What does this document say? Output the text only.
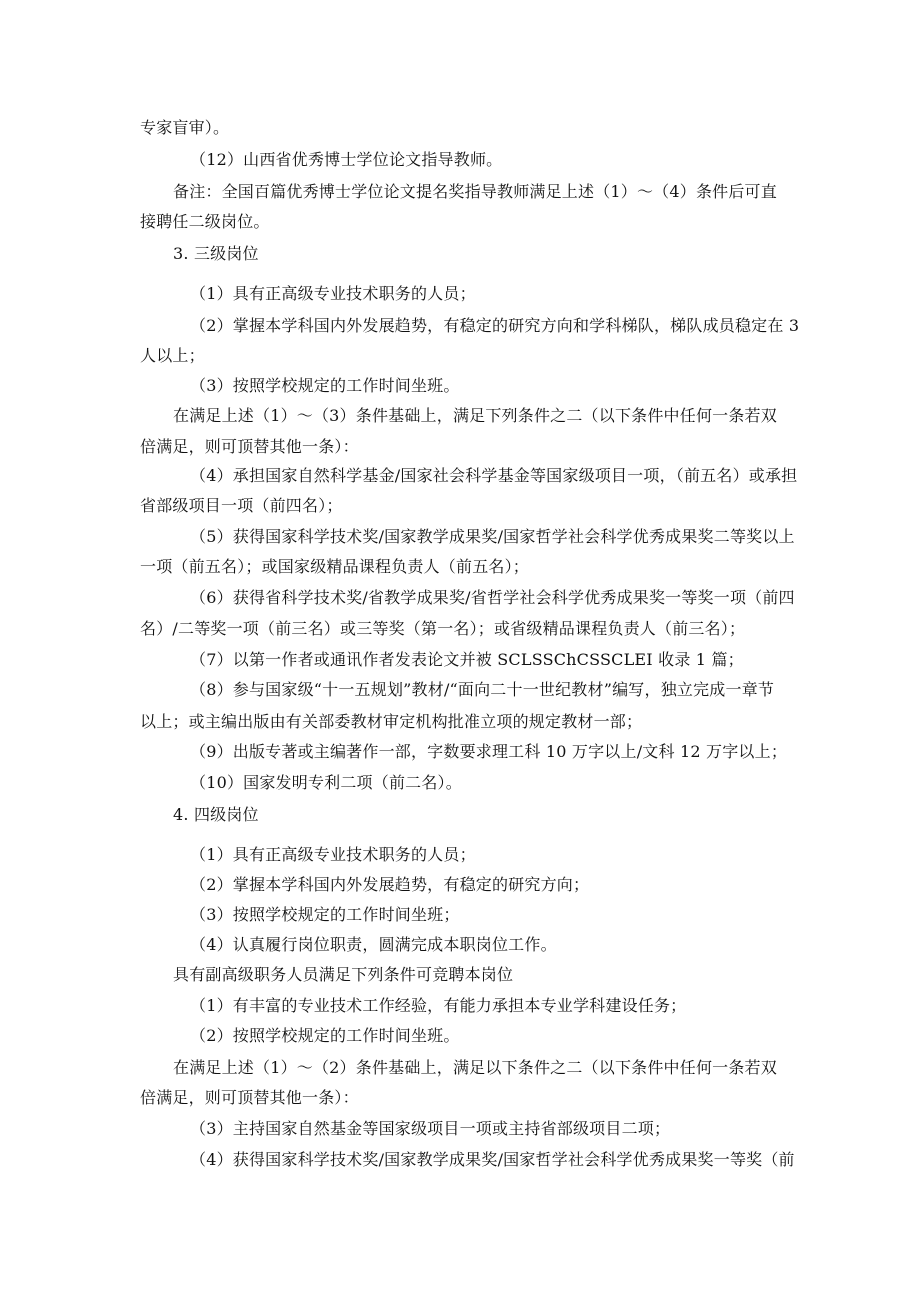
专家盲审）。
（12）山西省优秀博士学位论文指导教师。
备注：全国百篇优秀博士学位论文提名奖指导教师满足上述（1）～（4）条件后可直
接聘任二级岗位。
3. 三级岗位
（1）具有正高级专业技术职务的人员；
（2）掌握本学科国内外发展趋势，有稳定的研究方向和学科梯队，梯队成员稳定在 3
人以上；
（3）按照学校规定的工作时间坐班。
在满足上述（1）～（3）条件基础上，满足下列条件之二（以下条件中任何一条若双
倍满足，则可顶替其他一条）：
（4）承担国家自然科学基金/国家社会科学基金等国家级项目一项，（前五名）或承担
省部级项目一项（前四名）；
（5）获得国家科学技术奖/国家教学成果奖/国家哲学社会科学优秀成果奖二等奖以上
一项（前五名）；或国家级精品课程负责人（前五名）；
（6）获得省科学技术奖/省教学成果奖/省哲学社会科学优秀成果奖一等奖一项（前四
名）/二等奖一项（前三名）或三等奖（第一名）；或省级精品课程负责人（前三名）；
（7）以第一作者或通讯作者发表论文并被 SCLSSChCSSCLEI 收录 1 篇；
（8）参与国家级“十一五规划”教材/“面向二十一世纪教材”编写，独立完成一章节
以上；或主编出版由有关部委教材审定机构批准立项的规定教材一部；
（9）出版专著或主编著作一部，字数要求理工科 10 万字以上/文科 12 万字以上；
（10）国家发明专利二项（前二名）。
4. 四级岗位
（1）具有正高级专业技术职务的人员；
（2）掌握本学科国内外发展趋势，有稳定的研究方向；
（3）按照学校规定的工作时间坐班；
（4）认真履行岗位职责，圆满完成本职岗位工作。
具有副高级职务人员满足下列条件可竞聘本岗位
（1）有丰富的专业技术工作经验，有能力承担本专业学科建设任务；
（2）按照学校规定的工作时间坐班。
在满足上述（1）～（2）条件基础上，满足以下条件之二（以下条件中任何一条若双
倍满足，则可顶替其他一条）：
（3）主持国家自然基金等国家级项目一项或主持省部级项目二项；
（4）获得国家科学技术奖/国家教学成果奖/国家哲学社会科学优秀成果奖一等奖（前
